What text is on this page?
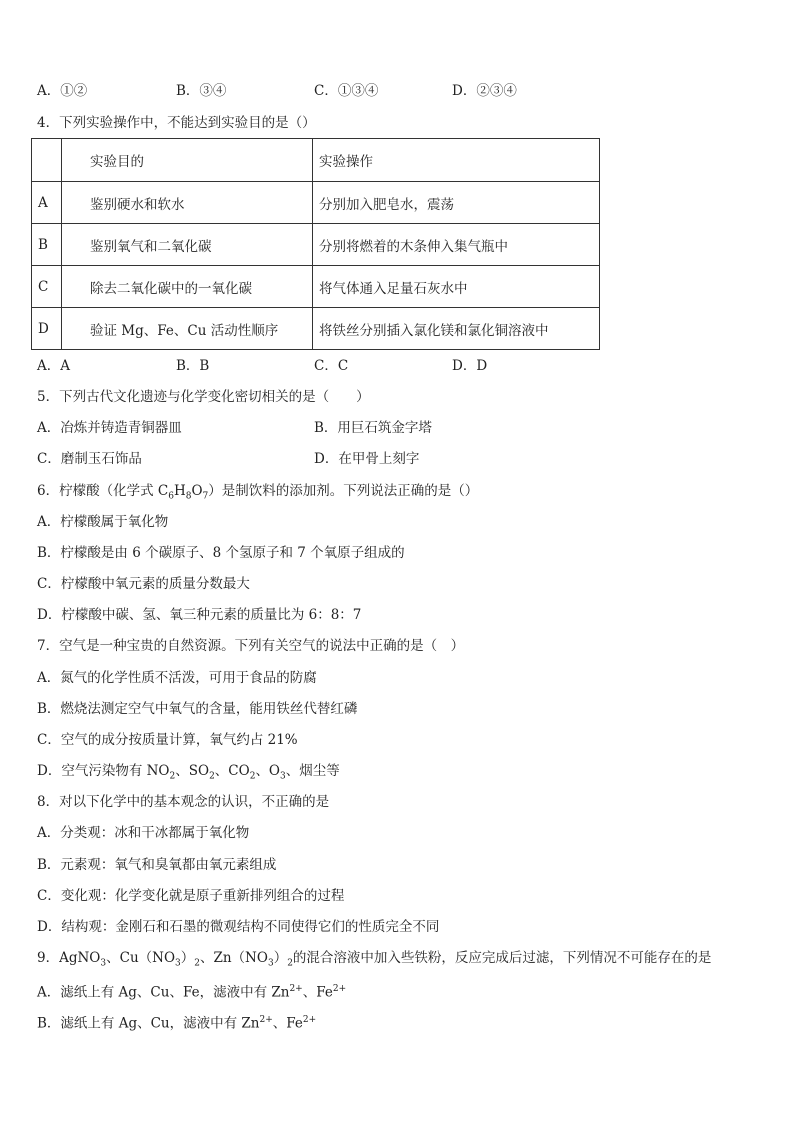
A．①②	B．③④	C．①③④	D．②③④
4．下列实验操作中，不能达到实验目的是（）
	实验目的	实验操作
A	鉴别硬水和软水	分别加入肥皂水，震荡
B	鉴别氧气和二氧化碳	分别将燃着的木条伸入集气瓶中
C	除去二氧化碳中的一氧化碳	将气体通入足量石灰水中
D	验证 Mg、Fe、Cu 活动性顺序	将铁丝分别插入氯化镁和氯化铜溶液中
A．A	B．B	C．C	D．D
5．下列古代文化遗迹与化学变化密切相关的是（　　）
A．冶炼并铸造青铜器皿	B．用巨石筑金字塔
C．磨制玉石饰品	D．在甲骨上刻字
6．柠檬酸（化学式 $C_6H_8O_7$）是制饮料的添加剂。下列说法正确的是（）
A．柠檬酸属于氧化物
B．柠檬酸是由 6 个碳原子、8 个氢原子和 7 个氧原子组成的
C．柠檬酸中氧元素的质量分数最大
D．柠檬酸中碳、氢、氧三种元素的质量比为 6：8：7
7．空气是一种宝贵的自然资源。下列有关空气的说法中正确的是（　）
A．氮气的化学性质不活泼，可用于食品的防腐
B．燃烧法测定空气中氧气的含量，能用铁丝代替红磷
C．空气的成分按质量计算，氧气约占 21%
D．空气污染物有 $NO_2$、$SO_2$、$CO_2$、$O_3$、烟尘等
8．对以下化学中的基本观念的认识，不正确的是
A．分类观：冰和干冰都属于氧化物
B．元素观：氧气和臭氧都由氧元素组成
C．变化观：化学变化就是原子重新排列组合的过程
D．结构观：金刚石和石墨的微观结构不同使得它们的性质完全不同
9．AgNO$_3$、$Cu(NO_3)_2$、$Zn(NO_3)_2$的混合溶液中加入些铁粉，反应完成后过滤，下列情况不可能存在的是
A．滤纸上有 Ag、Cu、Fe，滤液中有 $Zn^{2+}$、$Fe^{2+}$
B．滤纸上有 Ag、Cu，滤液中有 $Zn^{2+}$、$Fe^{2+}$
